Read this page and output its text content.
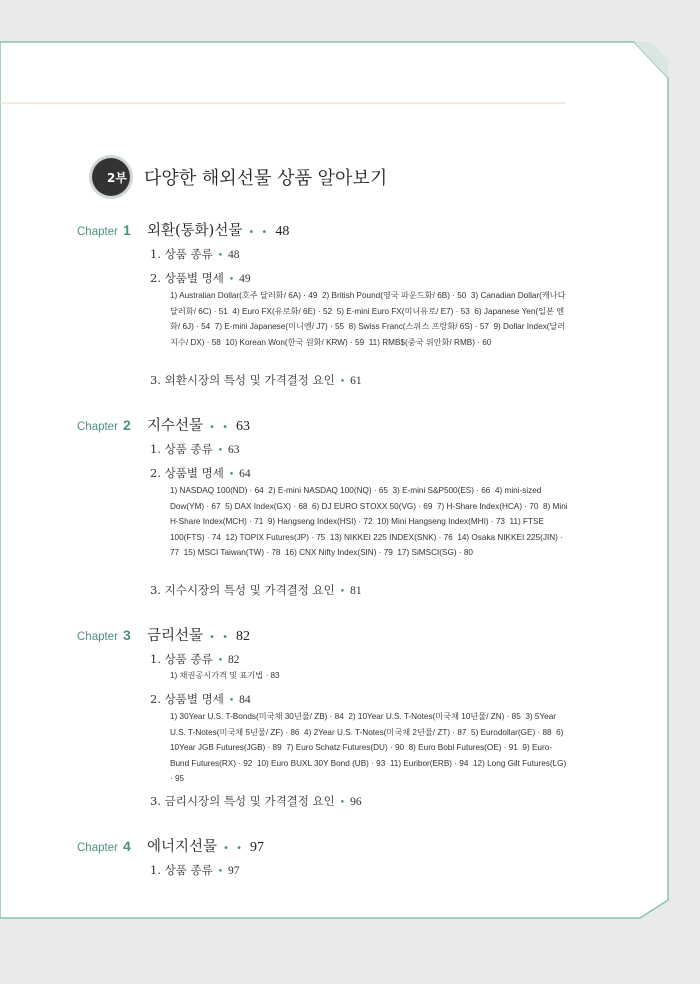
2부 다양한 해외선물 상품 알아보기
Chapter 1	외환(통화)선물 • • 48
1. 상품 종류 • 48
2. 상품별 명세 • 49
1) Australian Dollar(호주 달러화/ 6A) · 49 2) British Pound(영국 파운드화/ 6B) · 50 3) Canadian Dollar(캐나다 달러화/ 6C) · 51 4) Euro FX(유로화/ 6E) · 52 5) E-mini Euro FX(미니유로/ E7) · 53 6) Japanese Yen(일본 엔화/ 6J) · 54 7) E-mini Japanese(미니엔/ J7) · 55 8) Swiss Franc(스위스 프랑화/ 6S) · 57 9) Dollar Index(달러 지수/ DX) · 58 10) Korean Won(한국 원화/ KRW) · 59 11) RMB$(중국 위안화/ RMB) · 60
3. 외환시장의 특성 및 가격결정 요인 • 61
Chapter 2	지수선물 • • 63
1. 상품 종류 • 63
2. 상품별 명세 • 64
1) NASDAQ 100(ND) · 64 2) E-mini NASDAQ 100(NQ) · 65 3) E-mini S&P500(ES) · 66 4) mini-sized Dow(YM) · 67 5) DAX Index(GX) · 68 6) DJ EURO STOXX 50(VG) · 69 7) H-Share Index(HCA) · 70 8) Mini H-Share Index(MCH) · 71 9) Hangseng Index(HSI) · 72 10) Mini Hangseng Index(MHI) · 73 11) FTSE 100(FTS) · 74 12) TOPIX Futures(JP) · 75 13) NIKKEI 225 INDEX(SNK) · 76 14) Osaka NIKKEI 225(JIN) · 77 15) MSCI Taiwan(TW) · 78 16) CNX Nifty Index(SIN) · 79 17) SiMSCI(SG) · 80
3. 지수시장의 특성 및 가격결정 요인 • 81
Chapter 3	금리선물 • • 82
1. 상품 종류 • 82
1) 채권공시가격 및 표기법 · 83
2. 상품별 명세 • 84
1) 30Year U.S. T-Bonds(미국채 30년물/ ZB) · 84 2) 10Year U.S. T-Notes(미국채 10년물/ ZN) · 85 3) 5Year U.S. T-Notes(미국채 5년물/ ZF) · 86 4) 2Year U.S. T-Notes(미국채 2년물/ ZT) · 87 5) Eurodollar(GE) · 88 6) 10Year JGB Futures(JGB) · 89 7) Euro Schatz Futures(DU) · 90 8) Euro Bobl Futures(OE) · 91 9) Euro-Bund Futures(RX) · 92 10) Euro BUXL 30Y Bond (UB) · 93 11) Euribor(ERB) · 94 12) Long Gilt Futures(LG) · 95
3. 금리시장의 특성 및 가격결정 요인 • 96
Chapter 4	에너지선물 • • 97
1. 상품 종류 • 97
